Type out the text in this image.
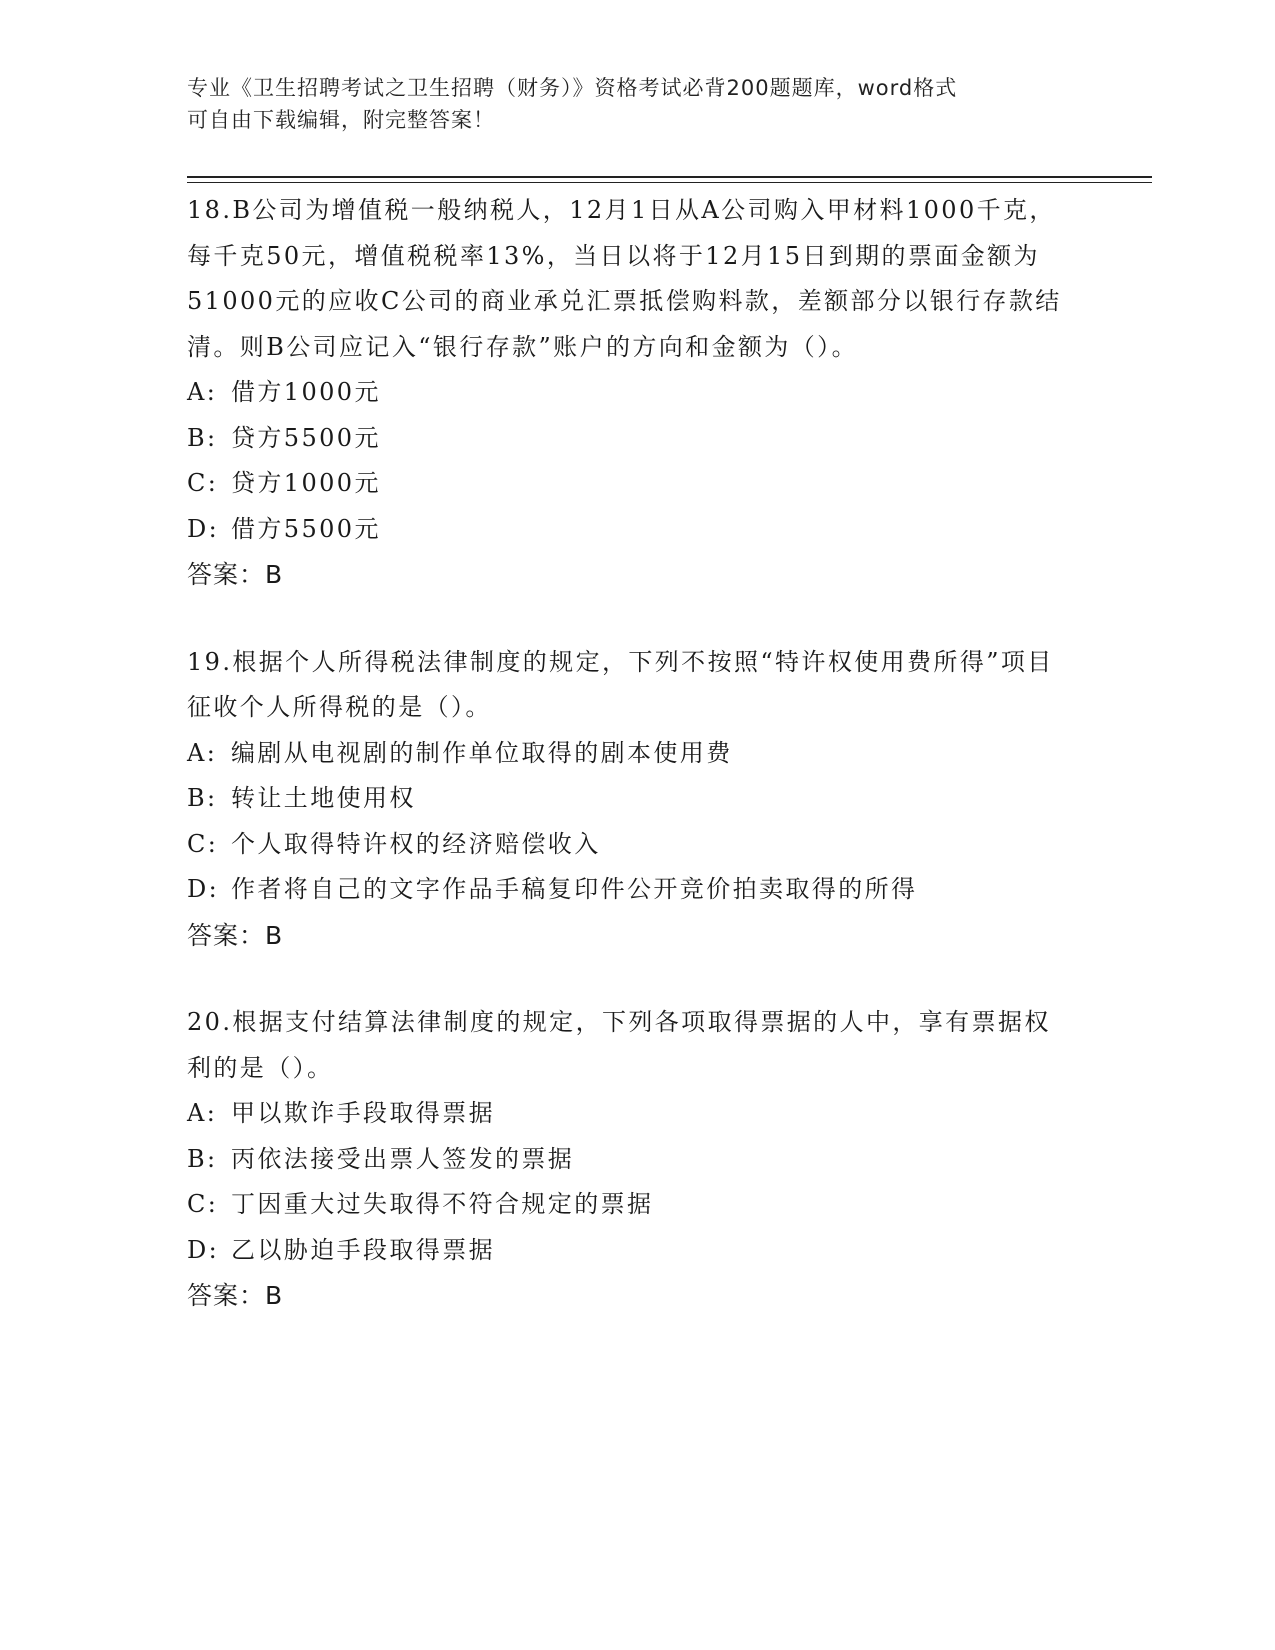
专业《卫生招聘考试之卫生招聘（财务）》资格考试必背200题题库，word格式
可自由下载编辑，附完整答案！

18.B公司为增值税一般纳税人，12月1日从A公司购入甲材料1000千克，每千克50元，增值税税率13%，当日以将于12月15日到期的票面金额为51000元的应收C公司的商业承兑汇票抵偿购料款，差额部分以银行存款结清。则B公司应记入“银行存款”账户的方向和金额为（）。

A: 借方1000元

B: 贷方5500元

C: 贷方1000元

D: 借方5500元

答案：B

19.根据个人所得税法律制度的规定，下列不按照“特许权使用费所得”项目征收个人所得税的是（）。

A: 编剧从电视剧的制作单位取得的剧本使用费

B: 转让土地使用权

C: 个人取得特许权的经济赔偿收入

D: 作者将自己的文字作品手稿复印件公开竞价拍卖取得的所得

答案：B

20.根据支付结算法律制度的规定，下列各项取得票据的人中，享有票据权利的是（）。

A: 甲以欺诈手段取得票据

B: 丙依法接受出票人签发的票据

C: 丁因重大过失取得不符合规定的票据

D: 乙以胁迫手段取得票据

答案：B
